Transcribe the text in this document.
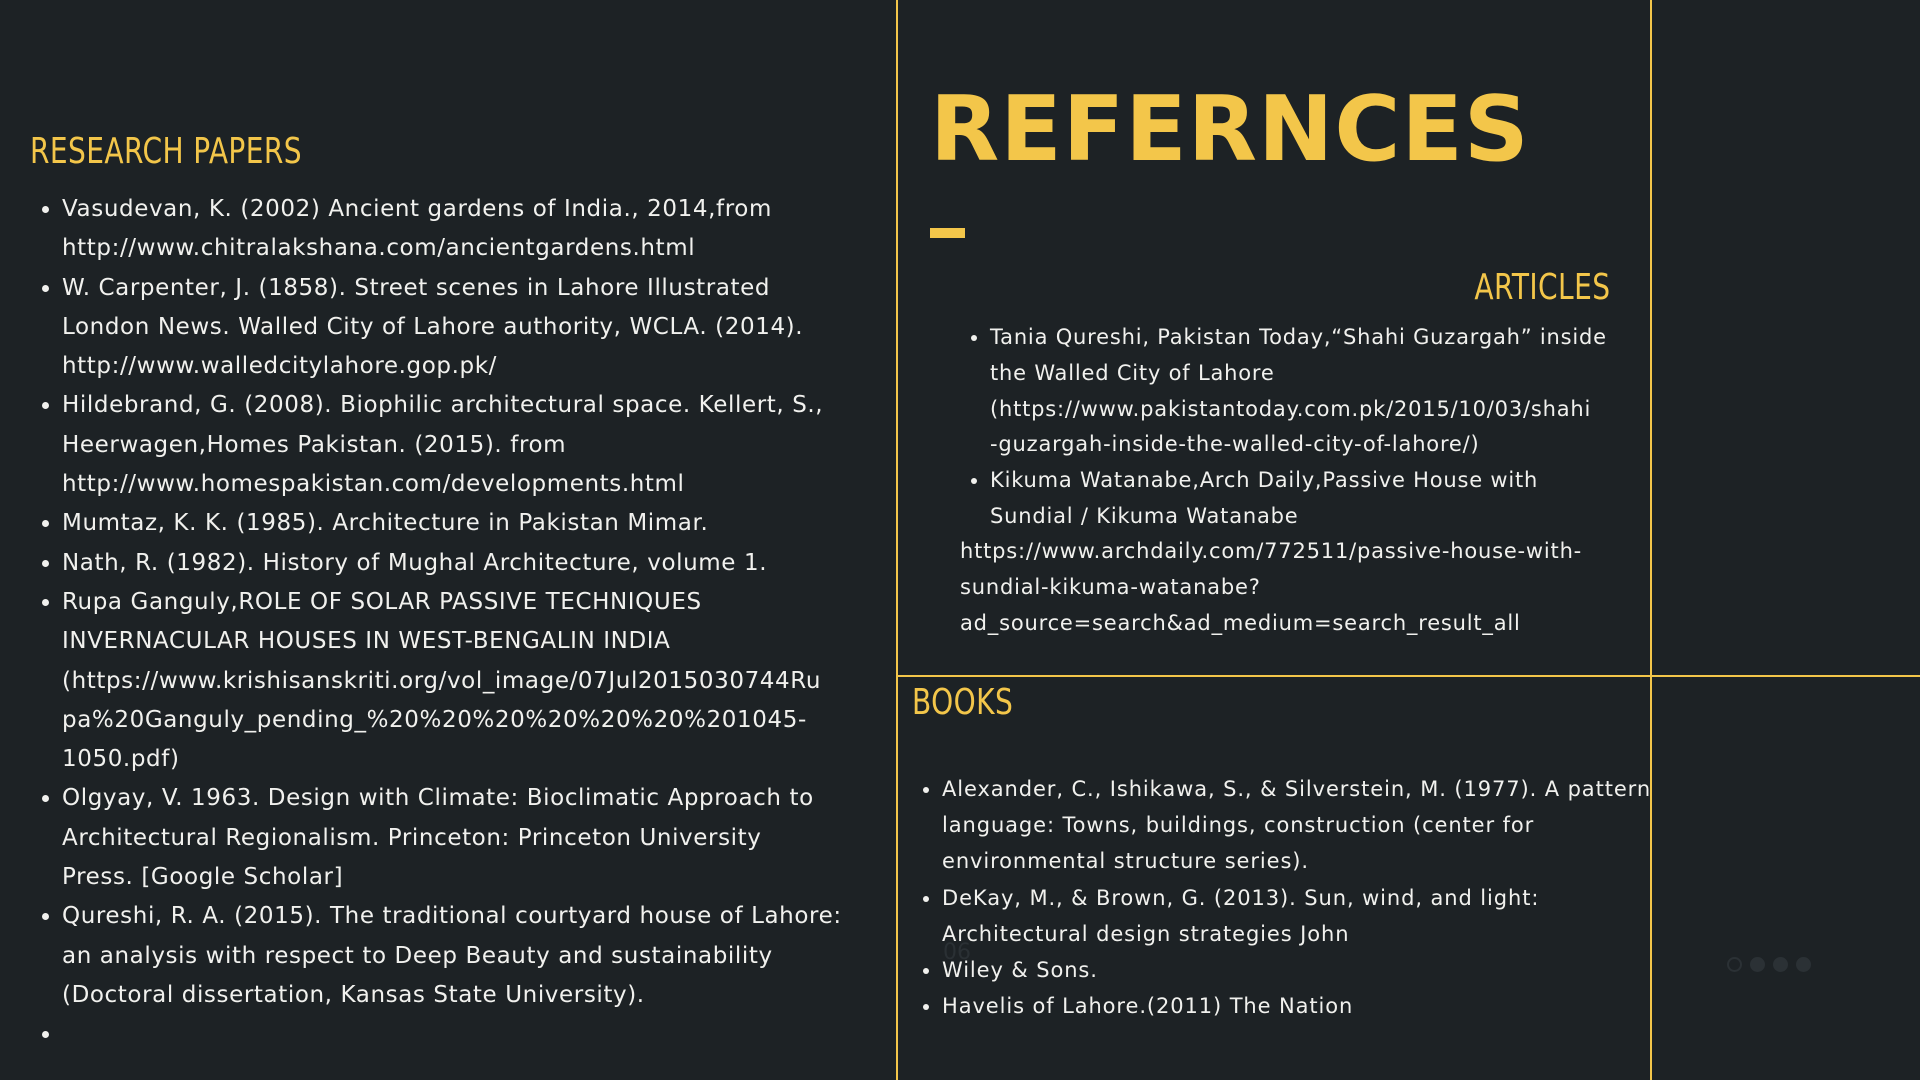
RESEARCH PAPERS
• Vasudevan, K. (2002) Ancient gardens of India., 2014,from
http://www.chitralakshana.com/ancientgardens.html
• W. Carpenter, J. (1858). Street scenes in Lahore Illustrated
London News. Walled City of Lahore authority, WCLA. (2014).
http://www.walledcitylahore.gop.pk/
• Hildebrand, G. (2008). Biophilic architectural space. Kellert, S.,
Heerwagen,Homes Pakistan. (2015). from
http://www.homespakistan.com/developments.html
• Mumtaz, K. K. (1985). Architecture in Pakistan Mimar.
• Nath, R. (1982). History of Mughal Architecture, volume 1.
• Rupa Ganguly,ROLE OF SOLAR PASSIVE TECHNIQUES
INVERNACULAR HOUSES IN WEST-BENGALIN INDIA
(https://www.krishisanskriti.org/vol_image/07Jul2015030744Ru
pa%20Ganguly_pending_%20%20%20%20%20%20%201045-
1050.pdf)
• Olgyay, V. 1963. Design with Climate: Bioclimatic Approach to
Architectural Regionalism. Princeton: Princeton University
Press. [Google Scholar]
• Qureshi, R. A. (2015). The traditional courtyard house of Lahore:
an analysis with respect to Deep Beauty and sustainability
(Doctoral dissertation, Kansas State University).
•
REFERNCES
ARTICLES
• Tania Qureshi, Pakistan Today,“Shahi Guzargah” inside
the Walled City of Lahore
(https://www.pakistantoday.com.pk/2015/10/03/shahi
-guzargah-inside-the-walled-city-of-lahore/)
• Kikuma Watanabe,Arch Daily,Passive House with
Sundial / Kikuma Watanabe

https://www.archdaily.com/772511/passive-house-with-
sundial-kikuma-watanabe?
ad_source=search&ad_medium=search_result_all

BOOKS
• Alexander, C., Ishikawa, S., & Silverstein, M. (1977). A pattern
language: Towns, buildings, construction (center for
environmental structure series).
• DeKay, M., & Brown, G. (2013). Sun, wind, and light:
Architectural design strategies John
• Wiley & Sons.
• Havelis of Lahore.(2011) The Nation
06
